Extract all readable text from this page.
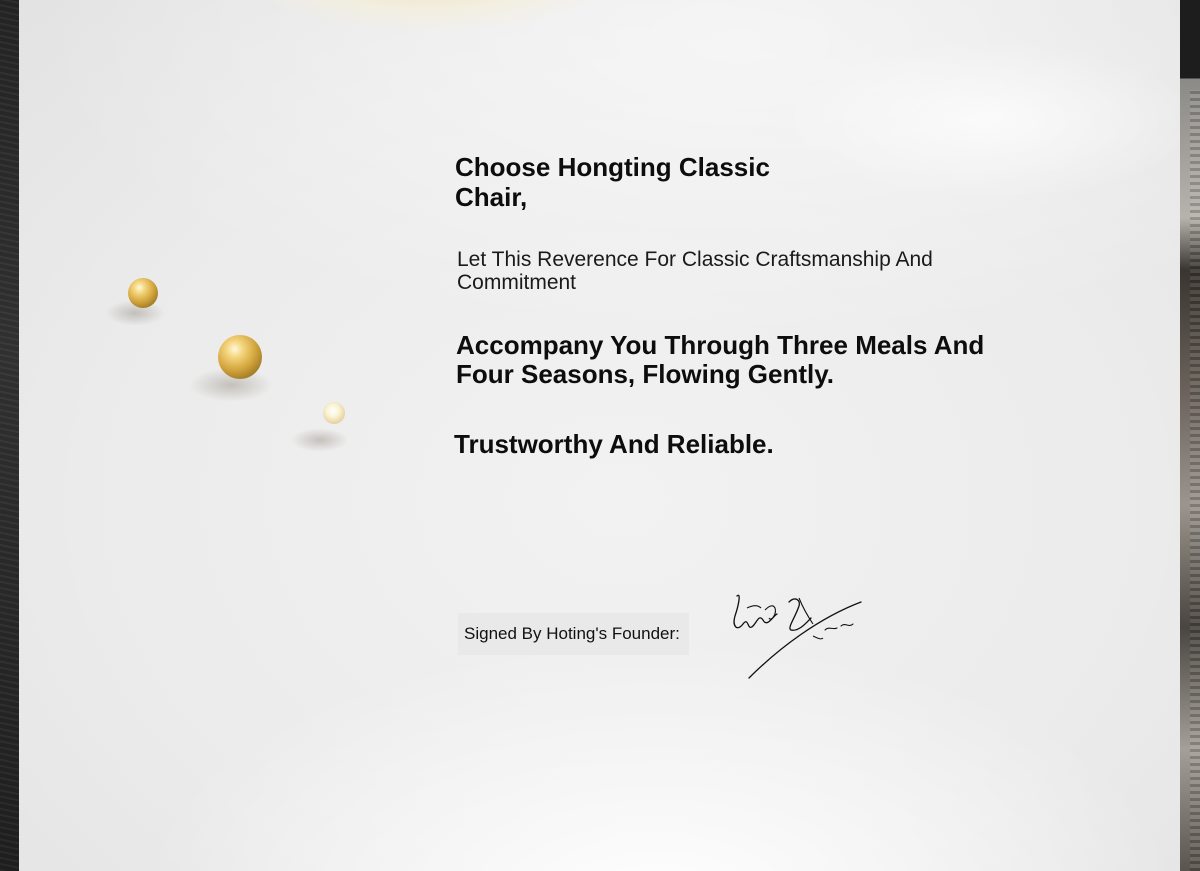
Choose Hongting Classic Chair,
Let This Reverence For Classic Craftsmanship And Commitment
Accompany You Through Three Meals And Four Seasons, Flowing Gently.
Trustworthy And Reliable.
Signed By Hoting's Founder:
